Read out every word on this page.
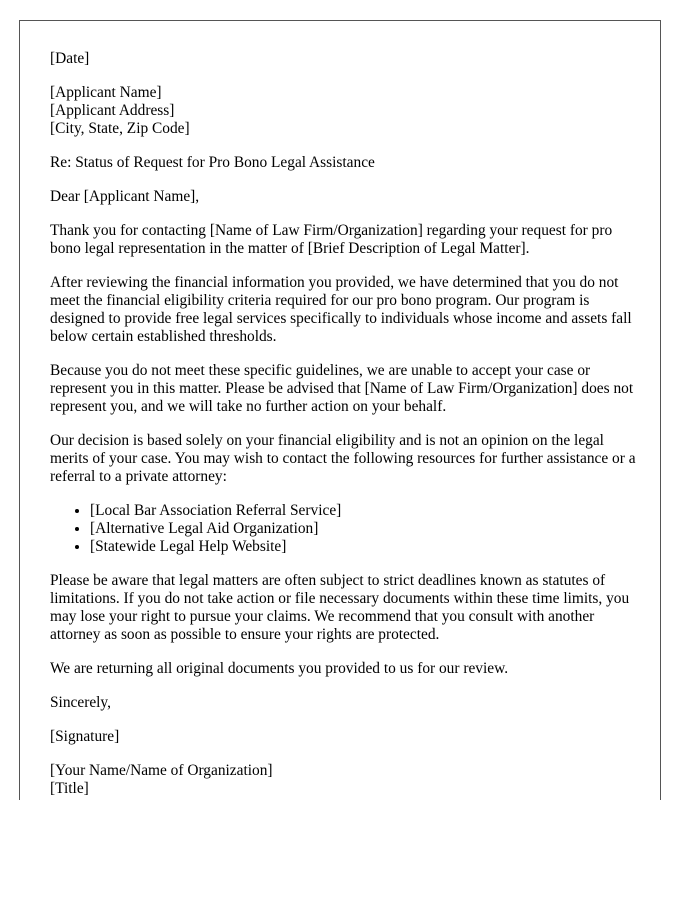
[Date]

[Applicant Name]
[Applicant Address]
[City, State, Zip Code]

Re: Status of Request for Pro Bono Legal Assistance

Dear [Applicant Name],

Thank you for contacting [Name of Law Firm/Organization] regarding your request for pro bono legal representation in the matter of [Brief Description of Legal Matter].

After reviewing the financial information you provided, we have determined that you do not meet the financial eligibility criteria required for our pro bono program. Our program is designed to provide free legal services specifically to individuals whose income and assets fall below certain established thresholds.

Because you do not meet these specific guidelines, we are unable to accept your case or represent you in this matter. Please be advised that [Name of Law Firm/Organization] does not represent you, and we will take no further action on your behalf.

Our decision is based solely on your financial eligibility and is not an opinion on the legal merits of your case. You may wish to contact the following resources for further assistance or a referral to a private attorney:

• [Local Bar Association Referral Service]
• [Alternative Legal Aid Organization]
• [Statewide Legal Help Website]

Please be aware that legal matters are often subject to strict deadlines known as statutes of limitations. If you do not take action or file necessary documents within these time limits, you may lose your right to pursue your claims. We recommend that you consult with another attorney as soon as possible to ensure your rights are protected.

We are returning all original documents you provided to us for our review.

Sincerely,

[Signature]

[Your Name/Name of Organization]
[Title]
